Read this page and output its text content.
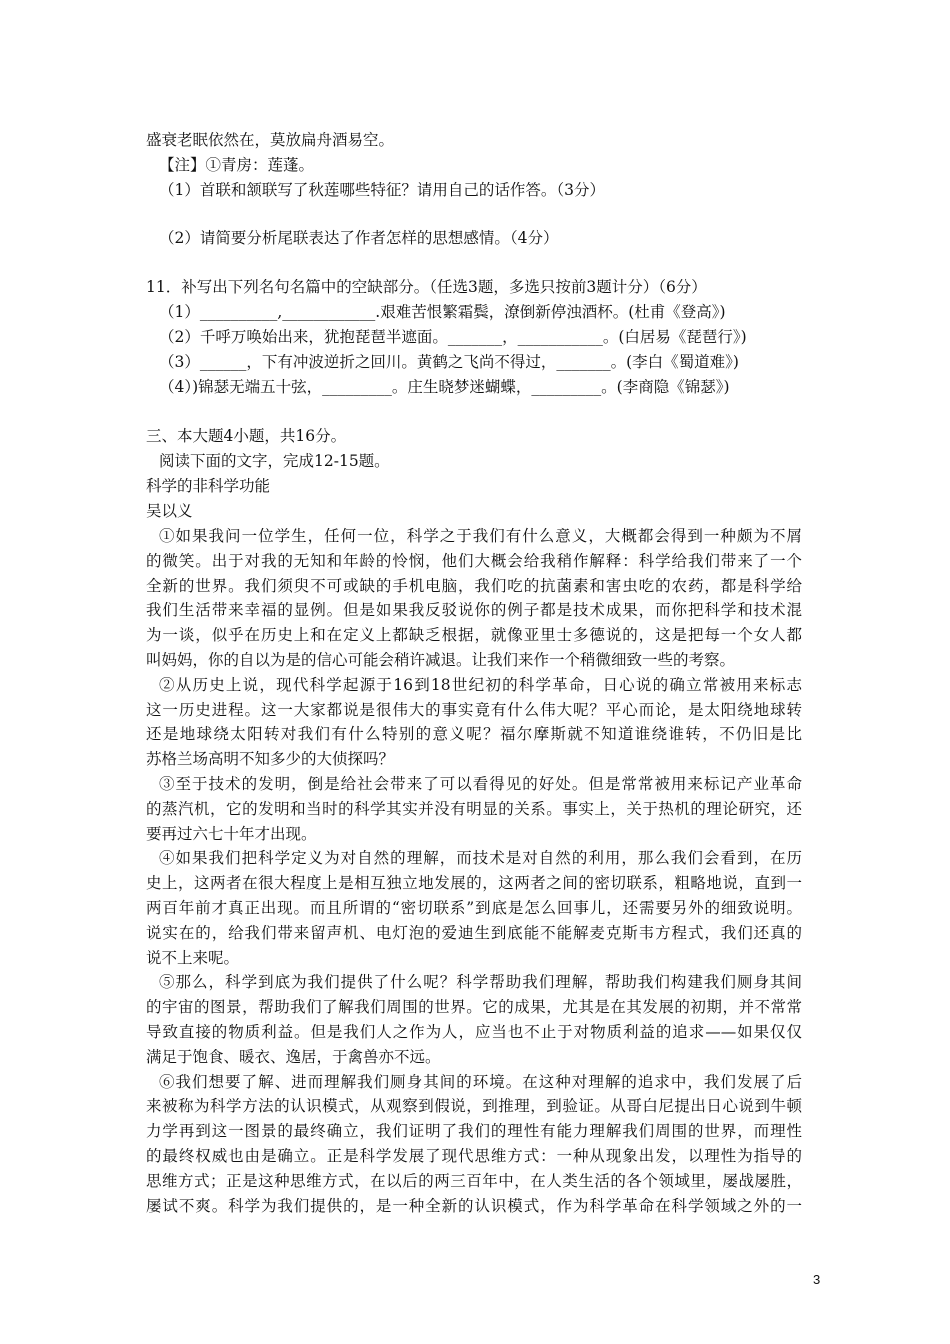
盛衰老眠依然在，莫放扁舟酒易空。
【注】①青房：莲蓬。
（1）首联和颔联写了秋莲哪些特征？请用自己的话作答。（3分）
（2）请简要分析尾联表达了作者怎样的思想感情。（4分）
11．补写出下列名句名篇中的空缺部分。（任选3题，多选只按前3题计分）（6分）
（1）__________,____________.艰难苦恨繁霜鬓，潦倒新停浊酒杯。(杜甫《登高》)
（2）千呼万唤始出来，犹抱琵琶半遮面。_______，___________。(白居易《琵琶行》)
（3）______，下有冲波逆折之回川。黄鹤之飞尚不得过，_______。(李白《蜀道难》)
（4）)锦瑟无端五十弦，_________。庄生晓梦迷蝴蝶，_________。(李商隐《锦瑟》)
三、本大题4小题，共16分。
阅读下面的文字，完成12-15题。
科学的非科学功能
吴以义
①如果我问一位学生，任何一位，科学之于我们有什么意义，大概都会得到一种颇为不屑
的微笑。出于对我的无知和年龄的怜悯，他们大概会给我稍作解释：科学给我们带来了一个
全新的世界。我们须臾不可或缺的手机电脑，我们吃的抗菌素和害虫吃的农药，都是科学给
我们生活带来幸福的显例。但是如果我反驳说你的例子都是技术成果，而你把科学和技术混
为一谈，似乎在历史上和在定义上都缺乏根据，就像亚里士多德说的，这是把每一个女人都
叫妈妈，你的自以为是的信心可能会稍许减退。让我们来作一个稍微细致一些的考察。
②从历史上说，现代科学起源于16到18世纪初的科学革命，日心说的确立常被用来标志
这一历史进程。这一大家都说是很伟大的事实竟有什么伟大呢？平心而论，是太阳绕地球转
还是地球绕太阳转对我们有什么特别的意义呢？福尔摩斯就不知道谁绕谁转，不仍旧是比
苏格兰场高明不知多少的大侦探吗？
③至于技术的发明，倒是给社会带来了可以看得见的好处。但是常常被用来标记产业革命
的蒸汽机，它的发明和当时的科学其实并没有明显的关系。事实上，关于热机的理论研究，还
要再过六七十年才出现。
④如果我们把科学定义为对自然的理解，而技术是对自然的利用，那么我们会看到，在历
史上，这两者在很大程度上是相互独立地发展的，这两者之间的密切联系，粗略地说，直到一
两百年前才真正出现。而且所谓的“密切联系”到底是怎么回事儿，还需要另外的细致说明。
说实在的，给我们带来留声机、电灯泡的爱迪生到底能不能解麦克斯韦方程式，我们还真的
说不上来呢。
⑤那么，科学到底为我们提供了什么呢？科学帮助我们理解，帮助我们构建我们厕身其间
的宇宙的图景，帮助我们了解我们周围的世界。它的成果，尤其是在其发展的初期，并不常常
导致直接的物质利益。但是我们人之作为人，应当也不止于对物质利益的追求——如果仅仅
满足于饱食、暖衣、逸居，于禽兽亦不远。
⑥我们想要了解、进而理解我们厕身其间的环境。在这种对理解的追求中，我们发展了后
来被称为科学方法的认识模式，从观察到假说，到推理，到验证。从哥白尼提出日心说到牛顿
力学再到这一图景的最终确立，我们证明了我们的理性有能力理解我们周围的世界，而理性
的最终权威也由是确立。正是科学发展了现代思维方式：一种从现象出发，以理性为指导的
思维方式；正是这种思维方式，在以后的两三百年中，在人类生活的各个领域里，屡战屡胜，
屡试不爽。科学为我们提供的，是一种全新的认识模式，作为科学革命在科学领域之外的一
3
